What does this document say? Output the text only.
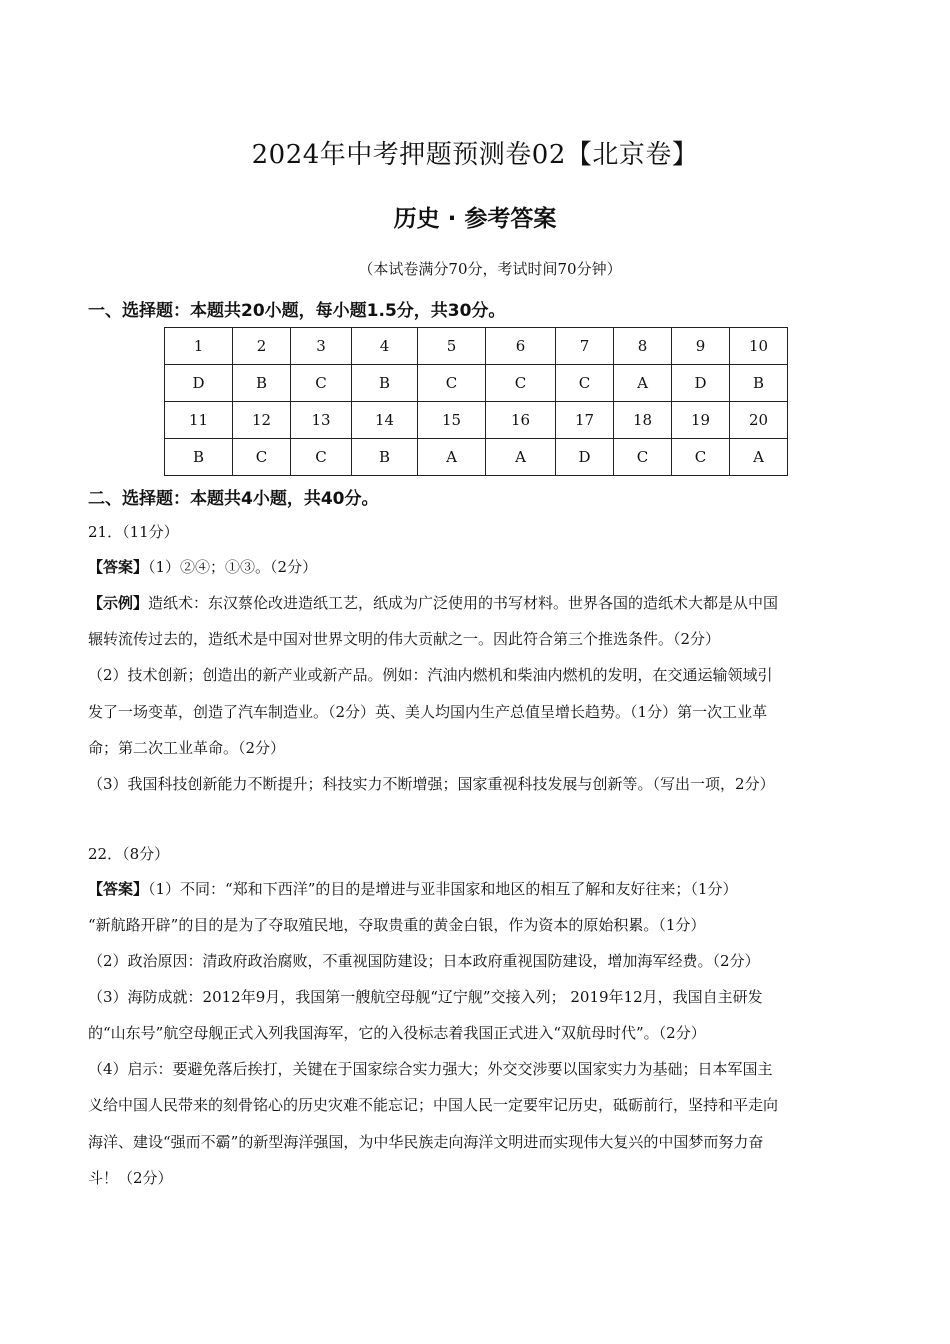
2024年中考押题预测卷02【北京卷】
历史 · 参考答案
（本试卷满分70分，考试时间70分钟）
一、选择题：本题共20小题，每小题1.5分，共30分。
1	2	3	4	5	6	7	8	9	10
D	B	C	B	C	C	C	A	D	B
11	12	13	14	15	16	17	18	19	20
B	C	C	B	A	A	D	C	C	A
二、选择题：本题共4小题，共40分。
21．（11分）
【答案】（1）②④；①③。（2分）
【示例】造纸术：东汉蔡伦改进造纸工艺，纸成为广泛使用的书写材料。世界各国的造纸术大都是从中国
辗转流传过去的，造纸术是中国对世界文明的伟大贡献之一。因此符合第三个推选条件。（2分）
（2）技术创新；创造出的新产业或新产品。例如：汽油内燃机和柴油内燃机的发明，在交通运输领域引
发了一场变革，创造了汽车制造业。（2分）英、美人均国内生产总值呈增长趋势。（1分）第一次工业革
命；第二次工业革命。（2分）
（3）我国科技创新能力不断提升；科技实力不断增强；国家重视科技发展与创新等。（写出一项，2分）
22．（8分）
【答案】（1）不同：“郑和下西洋”的目的是增进与亚非国家和地区的相互了解和友好往来；（1分）
“新航路开辟”的目的是为了夺取殖民地，夺取贵重的黄金白银，作为资本的原始积累。（1分）
（2）政治原因：清政府政治腐败，不重视国防建设；日本政府重视国防建设，增加海军经费。（2分）
（3）海防成就：2012年9月，我国第一艘航空母舰“辽宁舰”交接入列； 2019年12月，我国自主研发
的“山东号”航空母舰正式入列我国海军，它的入役标志着我国正式进入“双航母时代”。（2分）
（4）启示：要避免落后挨打，关键在于国家综合实力强大；外交交涉要以国家实力为基础；日本军国主
义给中国人民带来的刻骨铭心的历史灾难不能忘记；中国人民一定要牢记历史，砥砺前行，坚持和平走向
海洋、建设“强而不霸”的新型海洋强国，为中华民族走向海洋文明进而实现伟大复兴的中国梦而努力奋
斗！（2分）
